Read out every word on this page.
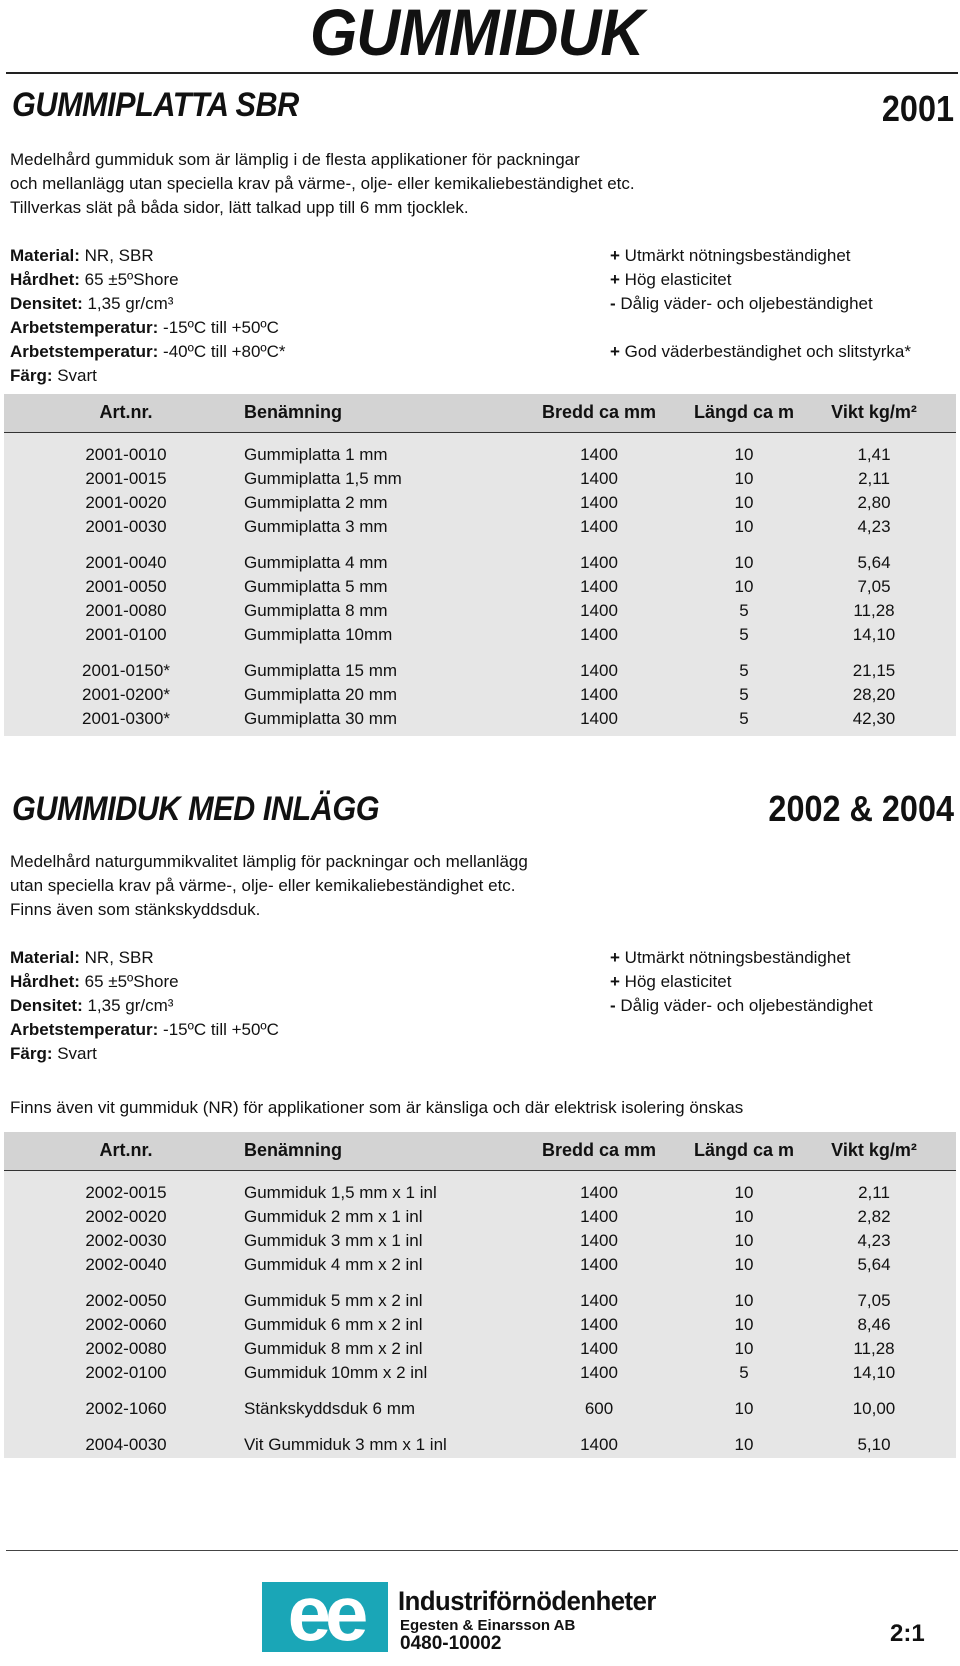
GUMMIDUK
GUMMIPLATTA SBR	2001
Medelhård gummiduk som är lämplig i de flesta applikationer för packningar
och mellanlägg utan speciella krav på värme-, olje- eller kemikaliebeständighet etc.
Tillverkas slät på båda sidor, lätt talkad upp till 6 mm tjocklek.
Material: NR, SBR
Hårdhet: 65 ±5ºShore
Densitet: 1,35 gr/cm³
Arbetstemperatur: -15ºC till +50ºC
Arbetstemperatur: -40ºC till +80ºC*
Färg: Svart
+ Utmärkt nötningsbeständighet
+ Hög elasticitet
- Dålig väder- och oljebeständighet
+ God väderbeständighet och slitstyrka*
Art.nr.	Benämning	Bredd ca mm	Längd ca m	Vikt kg/m²
2001-0010	Gummiplatta 1 mm	1400	10	1,41
2001-0015	Gummiplatta 1,5 mm	1400	10	2,11
2001-0020	Gummiplatta 2 mm	1400	10	2,80
2001-0030	Gummiplatta 3 mm	1400	10	4,23
2001-0040	Gummiplatta 4 mm	1400	10	5,64
2001-0050	Gummiplatta 5 mm	1400	10	7,05
2001-0080	Gummiplatta 8 mm	1400	5	11,28
2001-0100	Gummiplatta 10mm	1400	5	14,10
2001-0150*	Gummiplatta 15 mm	1400	5	21,15
2001-0200*	Gummiplatta 20 mm	1400	5	28,20
2001-0300*	Gummiplatta 30 mm	1400	5	42,30
GUMMIDUK MED INLÄGG	2002 & 2004
Medelhård naturgummikvalitet lämplig för packningar och mellanlägg
utan speciella krav på värme-, olje- eller kemikaliebeständighet etc.
Finns även som stänkskyddsduk.
Material: NR, SBR
Hårdhet: 65 ±5ºShore
Densitet: 1,35 gr/cm³
Arbetstemperatur: -15ºC till +50ºC
Färg: Svart
+ Utmärkt nötningsbeständighet
+ Hög elasticitet
- Dålig väder- och oljebeständighet
Finns även vit gummiduk (NR) för applikationer som är känsliga och där elektrisk isolering önskas
Art.nr.	Benämning	Bredd ca mm	Längd ca m	Vikt kg/m²
2002-0015	Gummiduk 1,5 mm x 1 inl	1400	10	2,11
2002-0020	Gummiduk 2 mm x 1 inl	1400	10	2,82
2002-0030	Gummiduk 3 mm x 1 inl	1400	10	4,23
2002-0040	Gummiduk 4 mm x 2 inl	1400	10	5,64
2002-0050	Gummiduk 5 mm x 2 inl	1400	10	7,05
2002-0060	Gummiduk 6 mm x 2 inl	1400	10	8,46
2002-0080	Gummiduk 8 mm x 2 inl	1400	10	11,28
2002-0100	Gummiduk 10mm x 2 inl	1400	5	14,10
2002-1060	Stänkskyddsduk 6 mm	600	10	10,00
2004-0030	Vit Gummiduk 3 mm x 1 inl	1400	10	5,10
ee Industriförnödenheter
Egesten & Einarsson AB
0480-10002	2:1
